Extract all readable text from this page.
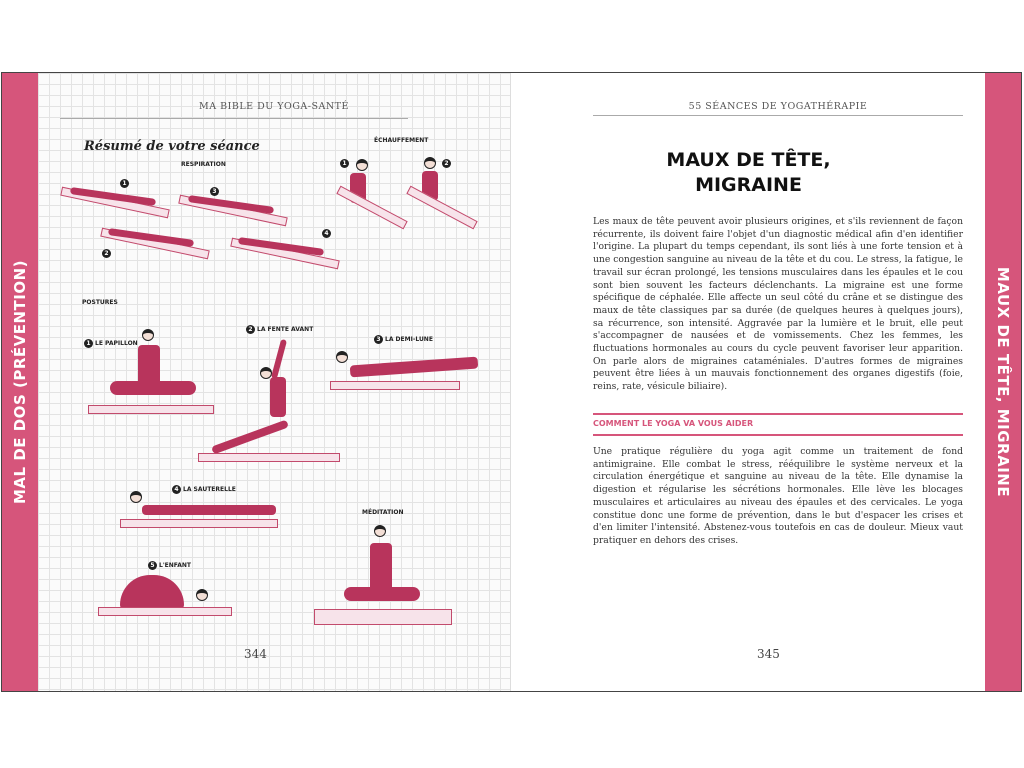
MAL DE DOS (PRÉVENTION)
MA BIBLE DU YOGA-SANTÉ
Résumé de votre séance
RESPIRATION
ÉCHAUFFEMENT
POSTURES
MÉDITATION
1
3
2
4
1	2
1 LE PAPILLON
2 LA FENTE AVANT
3 LA DEMI-LUNE
4 LA SAUTERELLE
5 L'ENFANT
344
55 SÉANCES DE YOGATHÉRAPIE
MAUX DE TÊTE,
MIGRAINE

Les maux de tête peuvent avoir plusieurs origines, et s'ils reviennent de façon récurrente, ils doivent faire l'objet d'un diagnostic médical afin d'en identifier l'origine. La plupart du temps cependant, ils sont liés à une forte tension et à une congestion sanguine au niveau de la tête et du cou. Le stress, la fatigue, le travail sur écran prolongé, les tensions musculaires dans les épaules et le cou sont bien souvent les facteurs déclenchants. La migraine est une forme spécifique de céphalée. Elle affecte un seul côté du crâne et se distingue des maux de tête classiques par sa durée (de quelques heures à quelques jours), sa récurrence, son intensité. Aggravée par la lumière et le bruit, elle peut s'accompagner de nausées et de vomissements. Chez les femmes, les fluctuations hormonales au cours du cycle peuvent favoriser leur apparition. On parle alors de migraines cataméniales. D'autres formes de migraines peuvent être liées à un mauvais fonctionnement des organes digestifs (foie, reins, rate, vésicule biliaire).

COMMENT LE YOGA VA VOUS AIDER

Une pratique régulière du yoga agit comme un traitement de fond antimigraine. Elle combat le stress, rééquilibre le système nerveux et la circulation énergétique et sanguine au niveau de la tête. Elle dynamise la digestion et régularise les sécrétions hormonales. Elle lève les blocages musculaires et articulaires au niveau des épaules et des cervicales. Le yoga constitue donc une forme de prévention, dans le but d'espacer les crises et d'en limiter l'intensité. Abstenez-vous toutefois en cas de douleur. Mieux vaut pratiquer en dehors des crises.

345
MAUX DE TÊTE, MIGRAINE
